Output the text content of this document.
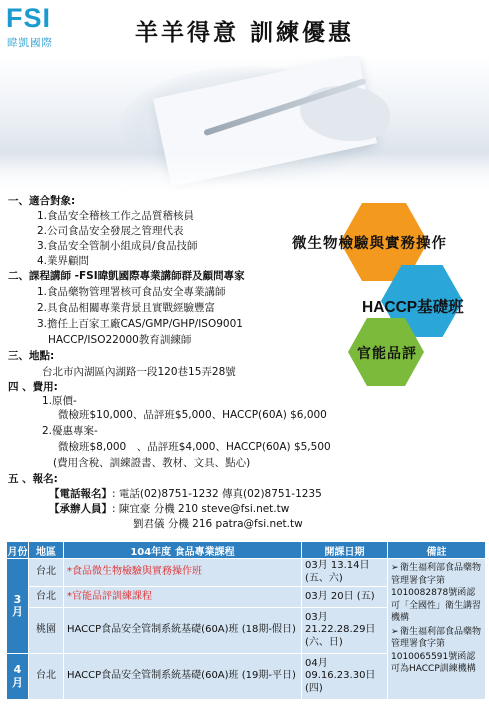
FSI
暐凱國際	羊羊得意 訓練優惠
微生物檢驗與實務操作
HACCP基礎班
官能品評
一、適合對象:
1.食品安全稽核工作之品質稽核員
2.公司食品安全發展之管理代表
3.食品安全管制小組成員/食品技師
4.業界顧問
二、課程講師 -FSI暐凱國際專業講師群及顧問專家
1.食品藥物管理署核可食品安全專業講師
2.具食品相關專業背景且實戰經驗豐富
3.擔任上百家工廠CAS/GMP/GHP/ISO9001
HACCP/ISO22000教育訓練師
三、地點:
台北市內湖區內湖路一段120巷15弄28號
四 、費用:
1.原價-
微檢班$10,000、品評班$5,000、HACCP(60A) $6,000
2.優惠專案-
微檢班$8,000　、品評班$4,000、HACCP(60A) $5,500
(費用含稅、訓練證書、教材、文具、點心)
五 、報名:
【電話報名】: 電話(02)8751-1232 傳真(02)8751-1235
【承辦人員】: 陳宜豪 分機 210 steve@fsi.net.tw
劉君儀 分機 216 patra@fsi.net.tw
月份	地區	104年度 食品專業課程	開課日期	備註
3月	台北	*食品微生物檢驗與實務操作班	03月 13.14日 (五、六)	➢衛生福利部食品藥物管理署食字第1010082878號函認可「全國性」衛生講習機構

➢衛生福利部食品藥物管理署食字第1010065591號函認可為HACCP訓練機構

	台北	*官能品評訓練課程	03月 20日 (五)	
	桃園	HACCP食品安全管制系統基礎(60A)班 (18期-假日)	03月 21.22.28.29日 (六、日)	
4月	台北	HACCP食品安全管制系統基礎(60A)班 (19期-平日)	04月 09.16.23.30日 (四)	
